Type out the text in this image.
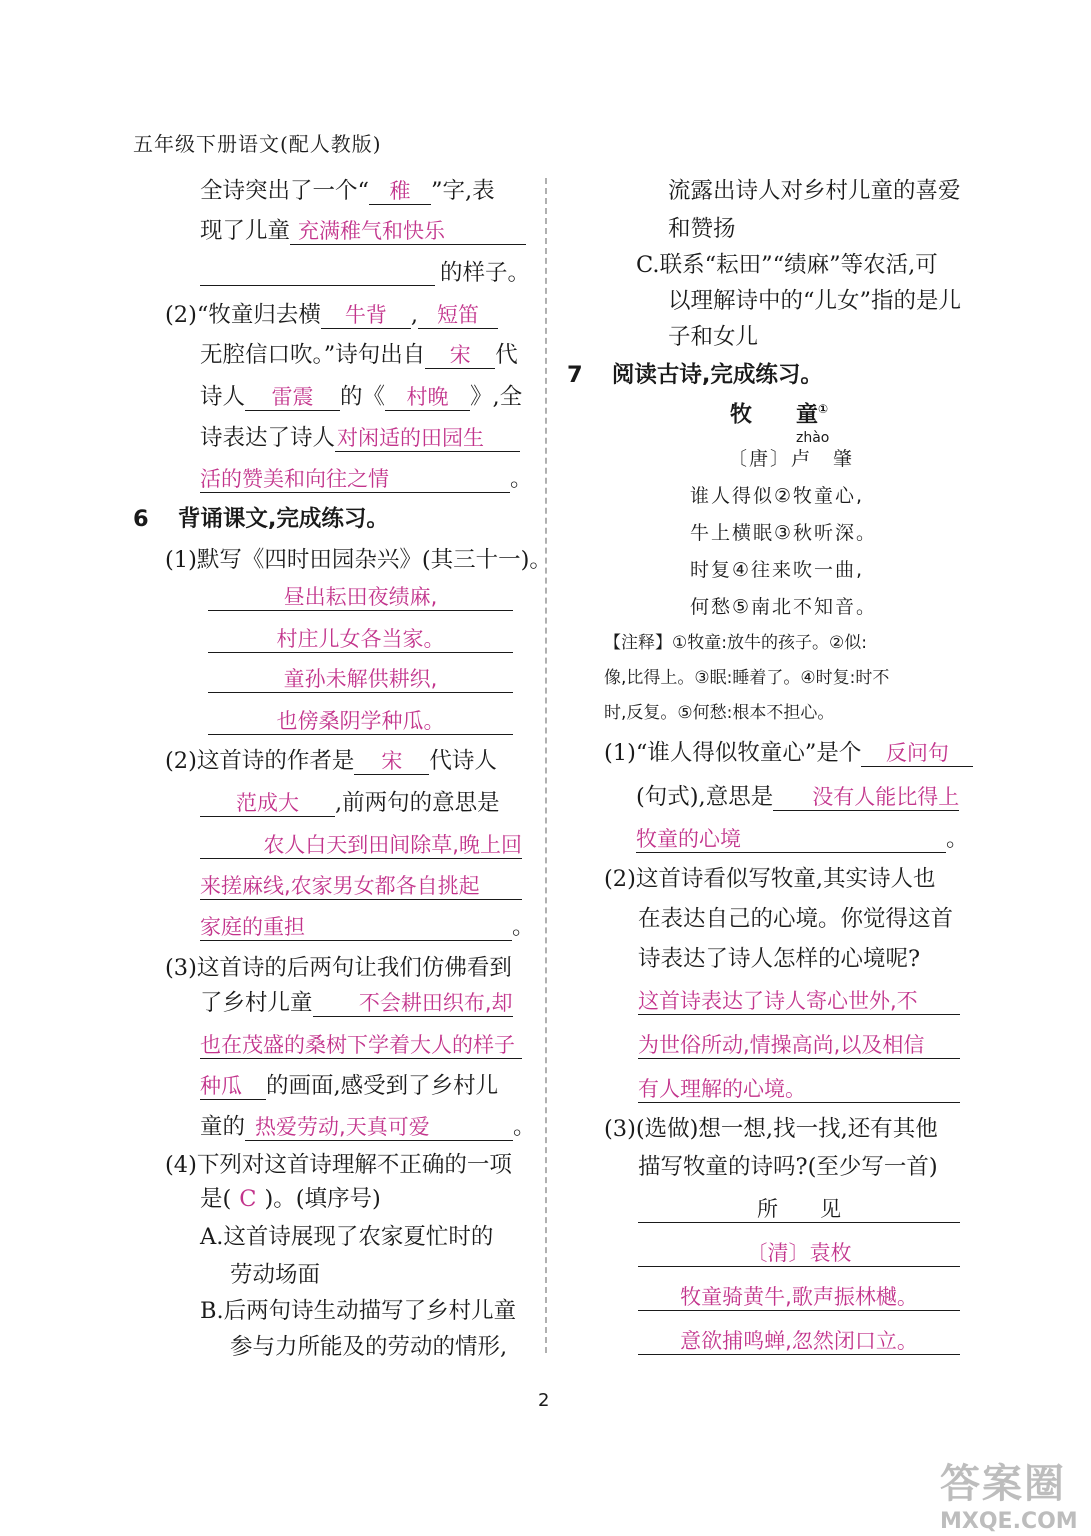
五年级下册语文(配人教版)
全诗突出了一个“ 稚 ”字,表
现了儿童 充满稚气和快乐
的样子。
(2)“牧童归去横 牛背 , 短笛
无腔信口吹。”诗句出自 宋 代
诗人 雷震 的《 村晚 》,全
诗表达了诗人对闲适的田园生
活的赞美和向往之情	。
6 背诵课文,完成练习。
(1)默写《四时田园杂兴》(其三十一)。
昼出耘田夜绩麻,
村庄儿女各当家。
童孙未解供耕织,
也傍桑阴学种瓜。
(2)这首诗的作者是 宋 代诗人
范成大 ,前两句的意思是
农人白天到田间除草,晚上回
来搓麻线,农家男女都各自挑起
家庭的重担	。
(3)这首诗的后两句让我们仿佛看到
了乡村儿童 不会耕田织布,却
也在茂盛的桑树下学着大人的样子
种瓜 的画面,感受到了乡村儿
童的 热爱劳动,天真可爱	。
(4)下列对这首诗理解不正确的一项
是( C )。(填序号)
A.这首诗展现了农家夏忙时的
劳动场面
B.后两句诗生动描写了乡村儿童
参与力所能及的劳动的情形,
流露出诗人对乡村儿童的喜爱
和赞扬
C.联系“耘田”“绩麻”等农活,可
以理解诗中的“儿女”指的是儿
子和女儿
7 阅读古诗,完成练习。
牧　　童①
zhào
〔唐〕卢　肇
谁人得似②牧童心,
牛上横眠③秋听深。
时复④往来吹一曲,
何愁⑤南北不知音。
【注释】①牧童:放牛的孩子。②似:
像,比得上。③眠:睡着了。④时复:时不
时,反复。⑤何愁:根本不担心。
(1)“谁人得似牧童心”是个 反问句
(句式),意思是 没有人能比得上
牧童的心境	。
(2)这首诗看似写牧童,其实诗人也
在表达自己的心境。你觉得这首
诗表达了诗人怎样的心境呢?
这首诗表达了诗人寄心世外,不
为世俗所动,情操高尚,以及相信
有人理解的心境。
(3)(选做)想一想,找一找,还有其他
描写牧童的诗吗?(至少写一首)
所　　见
〔清〕袁枚
牧童骑黄牛,歌声振林樾。
意欲捕鸣蝉,忽然闭口立。
2
答案圈
MXQE.COM
